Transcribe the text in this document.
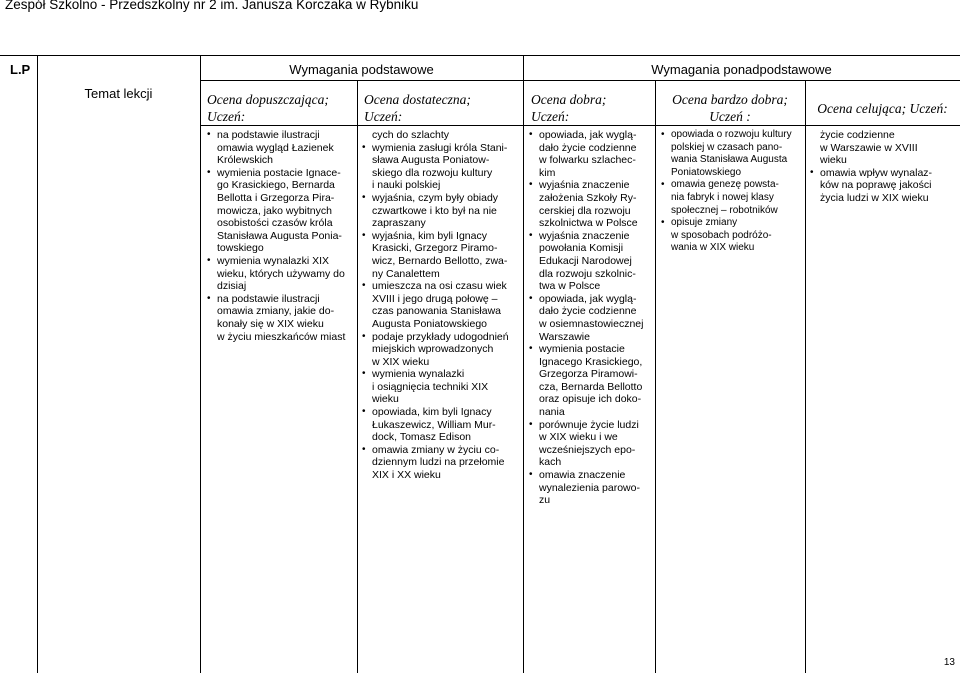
Zespół Szkolno - Przedszkolny nr 2 im. Janusza Korczaka w Rybniku
L.P
Temat lekcji
Wymagania podstawowe	Wymagania ponadpodstawowe
Ocena dopuszczająca;
Uczeń:
Ocena dostateczna;
Uczeń:
Ocena dobra;
Uczeń:
Ocena bardzo dobra;
Uczeń :
Ocena celująca; Uczeń:
• na podstawie ilustracji
omawia wygląd Łazienek
Królewskich
• wymienia postacie Ignace-
go Krasickiego, Bernarda
Bellotta i Grzegorza Pira-
mowicza, jako wybitnych
osobistości czasów króla
Stanisława Augusta Ponia-
towskiego
• wymienia wynalazki XIX
wieku, których używamy do
dzisiaj
• na podstawie ilustracji
omawia zmiany, jakie do-
konały się w XIX wieku
w życiu mieszkańców miast
cych do szlachty
• wymienia zasługi króla Stani-
sława Augusta Poniatow-
skiego dla rozwoju kultury
i nauki polskiej
• wyjaśnia, czym były obiady
czwartkowe i kto był na nie
zapraszany
• wyjaśnia, kim byli Ignacy
Krasicki, Grzegorz Piramo-
wicz, Bernardo Bellotto, zwa-
ny Canalettem
• umieszcza na osi czasu wiek
XVIII i jego drugą połowę –
czas panowania Stanisława
Augusta Poniatowskiego
• podaje przykłady udogodnień
miejskich wprowadzonych
w XIX wieku
• wymienia wynalazki
i osiągnięcia techniki XIX
wieku
• opowiada, kim byli Ignacy
Łukaszewicz, William Mur-
dock, Tomasz Edison
• omawia zmiany w życiu co-
dziennym ludzi na przełomie
XIX i XX wieku
• opowiada, jak wyglą-
dało życie codzienne
w folwarku szlachec-
kim
• wyjaśnia znaczenie
założenia Szkoły Ry-
cerskiej dla rozwoju
szkolnictwa w Polsce
• wyjaśnia znaczenie
powołania Komisji
Edukacji Narodowej
dla rozwoju szkolnic-
twa w Polsce
• opowiada, jak wyglą-
dało życie codzienne
w osiemnastowiecznej
Warszawie
• wymienia postacie
Ignacego Krasickiego,
Grzegorza Piramowi-
cza, Bernarda Bellotto
oraz opisuje ich doko-
nania
• porównuje życie ludzi
w XIX wieku i we
wcześniejszych epo-
kach
• omawia znaczenie
wynalezienia parowo-
zu
• opowiada o rozwoju kultury
polskiej w czasach pano-
wania Stanisława Augusta
Poniatowskiego
• omawia genezę powsta-
nia fabryk i nowej klasy
społecznej – robotników
• opisuje zmiany
w sposobach podróżo-
wania w XIX wieku
życie codzienne
w Warszawie w XVIII
wieku
• omawia wpływ wynalaz-
ków na poprawę jakości
życia ludzi w XIX wieku
13
